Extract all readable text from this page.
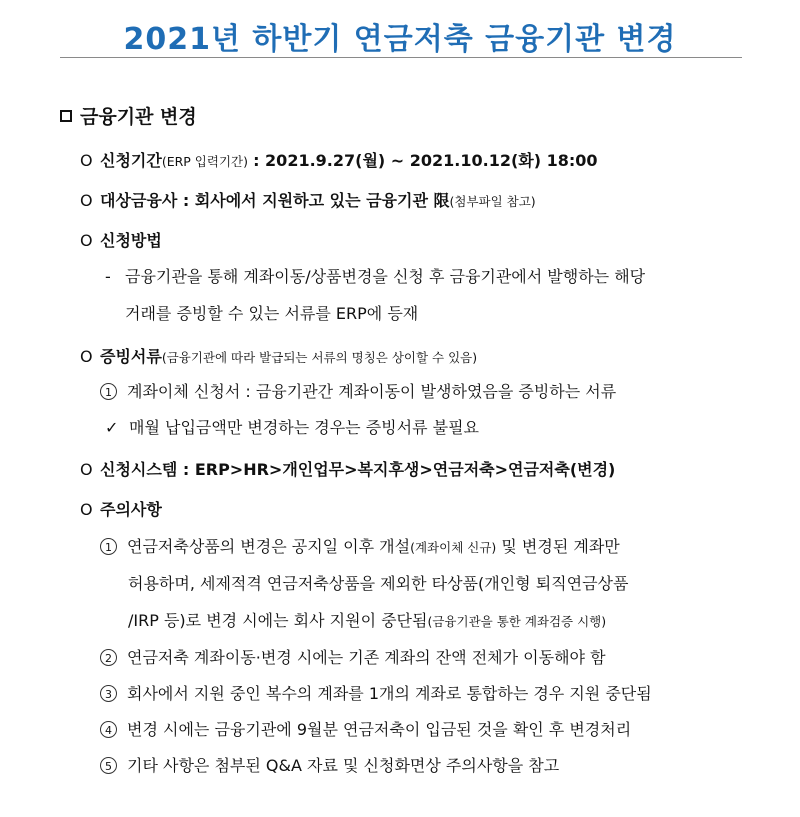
2021년 하반기 연금저축 금융기관 변경
금융기관 변경
O 신청기간(ERP 입력기간) : 2021.9.27(월) ~ 2021.10.12(화) 18:00
O 대상금융사 : 회사에서 지원하고 있는 금융기관 限(첨부파일 참고)
O 신청방법
- 금융기관을 통해 계좌이동/상품변경을 신청 후 금융기관에서 발행하는 해당
거래를 증빙할 수 있는 서류를 ERP에 등재
O 증빙서류(금융기관에 따라 발급되는 서류의 명칭은 상이할 수 있음)
1 계좌이체 신청서 : 금융기관간 계좌이동이 발생하였음을 증빙하는 서류
✓ 매월 납입금액만 변경하는 경우는 증빙서류 불필요
O 신청시스템 : ERP>HR>개인업무>복지후생>연금저축>연금저축(변경)
O 주의사항
1 연금저축상품의 변경은 공지일 이후 개설(계좌이체 신규) 및 변경된 계좌만
허용하며, 세제적격 연금저축상품을 제외한 타상품(개인형 퇴직연금상품
/IRP 등)로 변경 시에는 회사 지원이 중단됨(금융기관을 통한 계좌검증 시행)
2 연금저축 계좌이동·변경 시에는 기존 계좌의 잔액 전체가 이동해야 함
3 회사에서 지원 중인 복수의 계좌를 1개의 계좌로 통합하는 경우 지원 중단됨
4 변경 시에는 금융기관에 9월분 연금저축이 입금된 것을 확인 후 변경처리
5 기타 사항은 첨부된 Q&A 자료 및 신청화면상 주의사항을 참고
